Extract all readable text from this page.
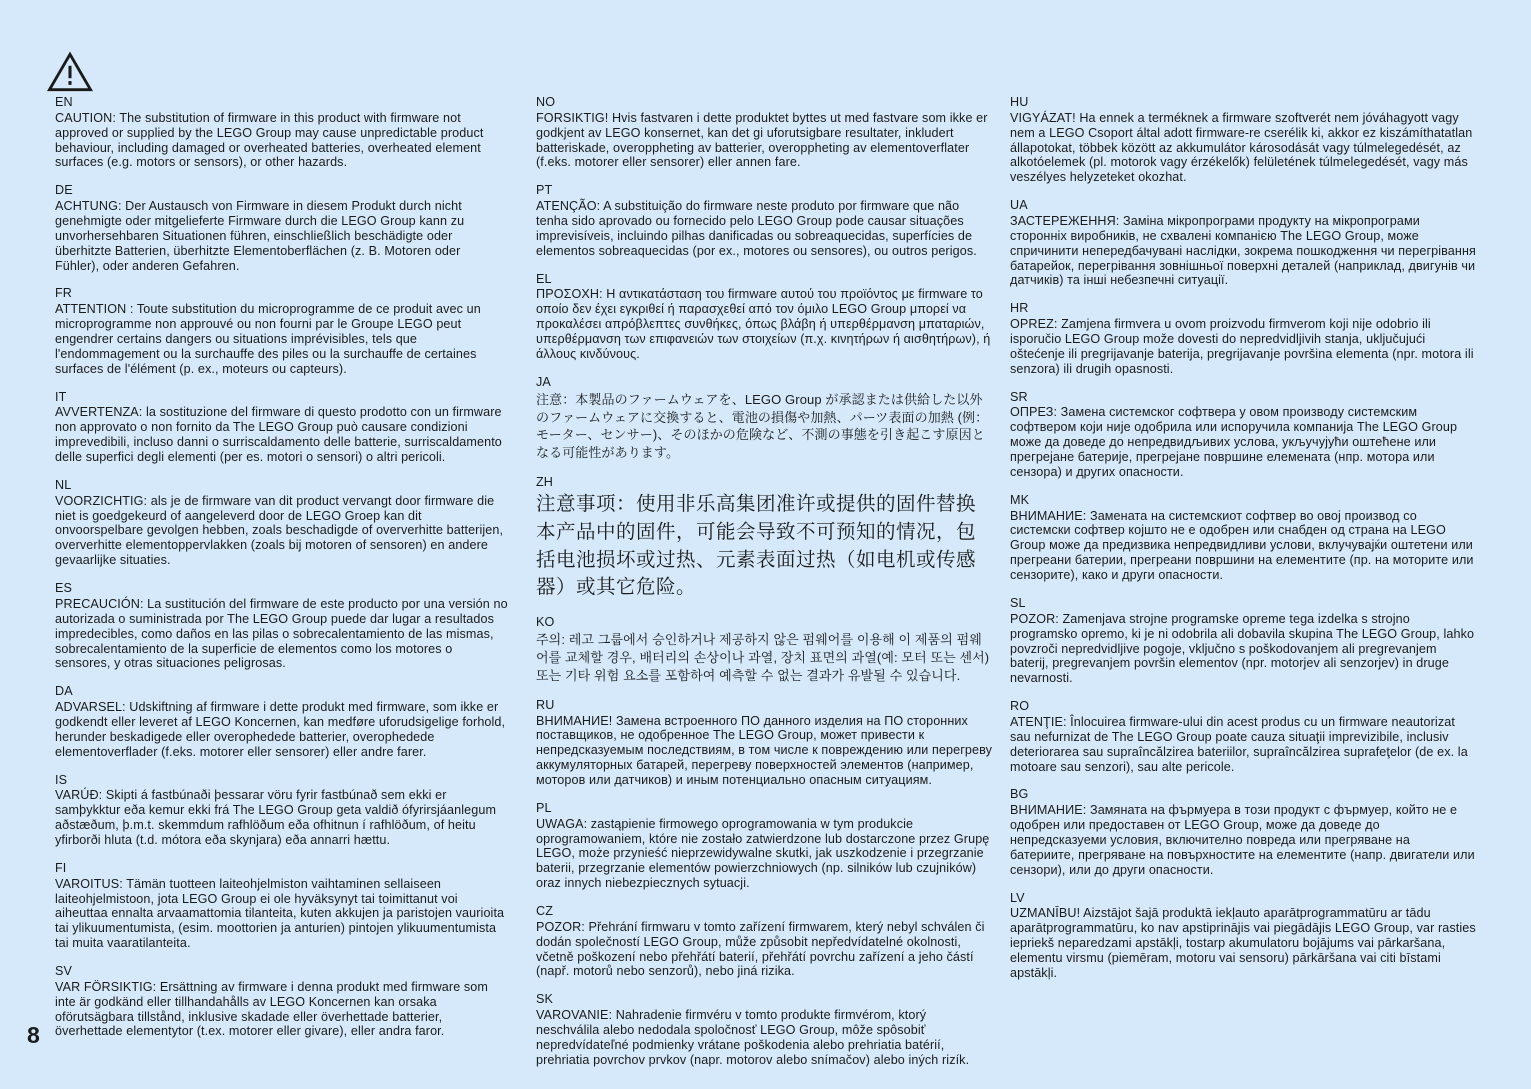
EN
CAUTION: The substitution of firmware in this product with firmware not approved or supplied by the LEGO Group may cause unpredictable product behaviour, including damaged or overheated batteries, overheated element surfaces (e.g. motors or sensors), or other hazards.
DE
ACHTUNG: Der Austausch von Firmware in diesem Produkt durch nicht genehmigte oder mitgelieferte Firmware durch die LEGO Group kann zu unvorhersehbaren Situationen führen, einschließlich beschädigte oder überhitzte Batterien, überhitzte Elementoberflächen (z. B. Motoren oder Fühler), oder anderen Gefahren.
FR
ATTENTION : Toute substitution du microprogramme de ce produit avec un microprogramme non approuvé ou non fourni par le Groupe LEGO peut engendrer certains dangers ou situations imprévisibles, tels que l'endommagement ou la surchauffe des piles ou la surchauffe de certaines surfaces de l'élément (p. ex., moteurs ou capteurs).
IT
AVVERTENZA: la sostituzione del firmware di questo prodotto con un firmware non approvato o non fornito da The LEGO Group può causare condizioni imprevedibili, incluso danni o surriscaldamento delle batterie, surriscaldamento delle superfici degli elementi (per es. motori o sensori) o altri pericoli.
NL
VOORZICHTIG: als je de firmware van dit product vervangt door firmware die niet is goedgekeurd of aangeleverd door de LEGO Groep kan dit onvoorspelbare gevolgen hebben, zoals beschadigde of oververhitte batterijen, oververhitte elementoppervlakken (zoals bij motoren of sensoren) en andere gevaarlijke situaties.
ES
PRECAUCIÓN: La sustitución del firmware de este producto por una versión no autorizada o suministrada por The LEGO Group puede dar lugar a resultados impredecibles, como daños en las pilas o sobrecalentamiento de las mismas, sobrecalentamiento de la superficie de elementos como los motores o sensores, y otras situaciones peligrosas.
DA
ADVARSEL: Udskiftning af firmware i dette produkt med firmware, som ikke er godkendt eller leveret af LEGO Koncernen, kan medføre uforudsigelige forhold, herunder beskadigede eller overophedede batterier, overophedede elementoverflader (f.eks. motorer eller sensorer) eller andre farer.
IS
VARÚÐ: Skipti á fastbúnaði þessarar vöru fyrir fastbúnað sem ekki er samþykktur eða kemur ekki frá The LEGO Group geta valdið ófyrirsjáanlegum aðstæðum, þ.m.t. skemmdum rafhlöðum eða ofhitnun í rafhlöðum, of heitu yfirborði hluta (t.d. mótora eða skynjara) eða annarri hættu.
FI
VAROITUS: Tämän tuotteen laiteohjelmiston vaihtaminen sellaiseen laiteohjelmistoon, jota LEGO Group ei ole hyväksynyt tai toimittanut voi aiheuttaa ennalta arvaamattomia tilanteita, kuten akkujen ja paristojen vaurioita tai ylikuumentumista, (esim. moottorien ja anturien) pintojen ylikuumentumista tai muita vaaratilanteita.
SV
VAR FÖRSIKTIG: Ersättning av firmware i denna produkt med firmware som inte är godkänd eller tillhandahålls av LEGO Koncernen kan orsaka oförutsägbara tillstånd, inklusive skadade eller överhettade batterier, överhettade elementytor (t.ex. motorer eller givare), eller andra faror.
NO
FORSIKTIG! Hvis fastvaren i dette produktet byttes ut med fastvare som ikke er godkjent av LEGO konsernet, kan det gi uforutsigbare resultater, inkludert batteriskade, overoppheting av batterier, overoppheting av elementoverflater (f.eks. motorer eller sensorer) eller annen fare.
PT
ATENÇÃO: A substituição do firmware neste produto por firmware que não tenha sido aprovado ou fornecido pelo LEGO Group pode causar situações imprevisíveis, incluindo pilhas danificadas ou sobreaquecidas, superfícies de elementos sobreaquecidas (por ex., motores ou sensores), ou outros perigos.
EL
ΠΡΟΣΟΧΗ: Η αντικατάσταση του firmware αυτού του προϊόντος με firmware το οποίο δεν έχει εγκριθεί ή παρασχεθεί από τον όμιλο LEGO Group μπορεί να προκαλέσει απρόβλεπτες συνθήκες, όπως βλάβη ή υπερθέρμανση μπαταριών, υπερθέρμανση των επιφανειών των στοιχείων (π.χ. κινητήρων ή αισθητήρων), ή άλλους κινδύνους.
JA
注意：本製品のファームウェアを、LEGO Group が承認または供給した以外のファームウェアに交換すると、電池の損傷や加熱、パーツ表面の加熱 (例：モーター、センサー)、そのほかの危険など、不測の事態を引き起こす原因となる可能性があります。
ZH
注意事项：使用非乐高集团准许或提供的固件替换本产品中的固件，可能会导致不可预知的情况，包括电池损坏或过热、元素表面过热（如电机或传感器）或其它危险。
KO
주의: 레고 그룹에서 승인하거나 제공하지 않은 펌웨어를 이용해 이 제품의 펌웨어를 교체할 경우, 배터리의 손상이나 과열, 장치 표면의 과열(예: 모터 또는 센서) 또는 기타 위험 요소를 포함하여 예측할 수 없는 결과가 유발될 수 있습니다.
RU
ВНИМАНИЕ! Замена встроенного ПО данного изделия на ПО сторонних поставщиков, не одобренное The LEGO Group, может привести к непредсказуемым последствиям, в том числе к повреждению или перегреву аккумуляторных батарей, перегреву поверхностей элементов (например, моторов или датчиков) и иным потенциально опасным ситуациям.
PL
UWAGA: zastąpienie firmowego oprogramowania w tym produkcie oprogramowaniem, które nie zostało zatwierdzone lub dostarczone przez Grupę LEGO, może przynieść nieprzewidywalne skutki, jak uszkodzenie i przegrzanie baterii, przegrzanie elementów powierzchniowych (np. silników lub czujników) oraz innych niebezpiecznych sytuacji.
CZ
POZOR: Přehrání firmwaru v tomto zařízení firmwarem, který nebyl schválen či dodán společností LEGO Group, může způsobit nepředvídatelné okolnosti, včetně poškození nebo přehřátí baterií, přehřátí povrchu zařízení a jeho částí (např. motorů nebo senzorů), nebo jiná rizika.
SK
VAROVANIE: Nahradenie firmvéru v tomto produkte firmvérom, ktorý neschválila alebo nedodala spoločnosť LEGO Group, môže spôsobiť nepredvídateľné podmienky vrátane poškodenia alebo prehriatia batérií, prehriatia povrchov prvkov (napr. motorov alebo snímačov) alebo iných rizík.
HU
VIGYÁZAT! Ha ennek a terméknek a firmware szoftverét nem jóváhagyott vagy nem a LEGO Csoport által adott firmware-re cserélik ki, akkor ez kiszámíthatatlan állapotokat, többek között az akkumulátor károsodását vagy túlmelegedését, az alkotóelemek (pl. motorok vagy érzékelők) felületének túlmelegedését, vagy más veszélyes helyzeteket okozhat.
UA
ЗАСТЕРЕЖЕННЯ: Заміна мікропрограми продукту на мікропрограми сторонніх виробників, не схвалені компанією The LEGO Group, може спричинити непередбачувані наслідки, зокрема пошкодження чи перегрівання батарейок, перегрівання зовнішньої поверхні деталей (наприклад, двигунів чи датчиків) та інші небезпечні ситуації.
HR
OPREZ: Zamjena firmvera u ovom proizvodu firmverom koji nije odobrio ili isporučio LEGO Group može dovesti do nepredvidljivih stanja, uključujući oštećenje ili pregrijavanje baterija, pregrijavanje površina elementa (npr. motora ili senzora) ili drugih opasnosti.
SR
ОПРЕЗ: Замена системског софтвера у овом производу системским софтвером који није одобрила или испоручила компанија The LEGO Group може да доведе до непредвидљивих услова, укључујући оштећене или прегрејане батерије, прегрејане површине елемената (нпр. мотора или сензора) и других опасности.
MK
ВНИМАНИЕ: Замената на системскиот софтвер во овој производ со системски софтвер којшто не е одобрен или снабден од страна на LEGO Group може да предизвика непредвидливи услови, вклучувајќи оштетени или прегреани батерии, прегреани површини на елементите (пр. на моторите или сензорите), како и други опасности.
SL
POZOR: Zamenjava strojne programske opreme tega izdelka s strojno programsko opremo, ki je ni odobrila ali dobavila skupina The LEGO Group, lahko povzroči nepredvidljive pogoje, vključno s poškodovanjem ali pregrevanjem baterij, pregrevanjem površin elementov (npr. motorjev ali senzorjev) in druge nevarnosti.
RO
ATENŢIE: Înlocuirea firmware-ului din acest produs cu un firmware neautorizat sau nefurnizat de The LEGO Group poate cauza situaţii imprevizibile, inclusiv deteriorarea sau supraîncălzirea bateriilor, supraîncălzirea suprafeţelor (de ex. la motoare sau senzori), sau alte pericole.
BG
ВНИМАНИЕ: Замяната на фърмуера в този продукт с фърмуер, който не е одобрен или предоставен от LEGO Group, може да доведе до непредсказуеми условия, включително повреда или прегряване на батериите, прегряване на повърхностите на елементите (напр. двигатели или сензори), или до други опасности.
LV
UZMANĪBU! Aizstājot šajā produktā iekļauto aparātprogrammatūru ar tādu aparātprogrammatūru, ko nav apstiprinājis vai piegādājis LEGO Group, var rasties iepriekš neparedzami apstākļi, tostarp akumulatoru bojājums vai pārkaršana, elementu virsmu (piemēram, motoru vai sensoru) pārkāršana vai citi bīstami apstākļi.
8
